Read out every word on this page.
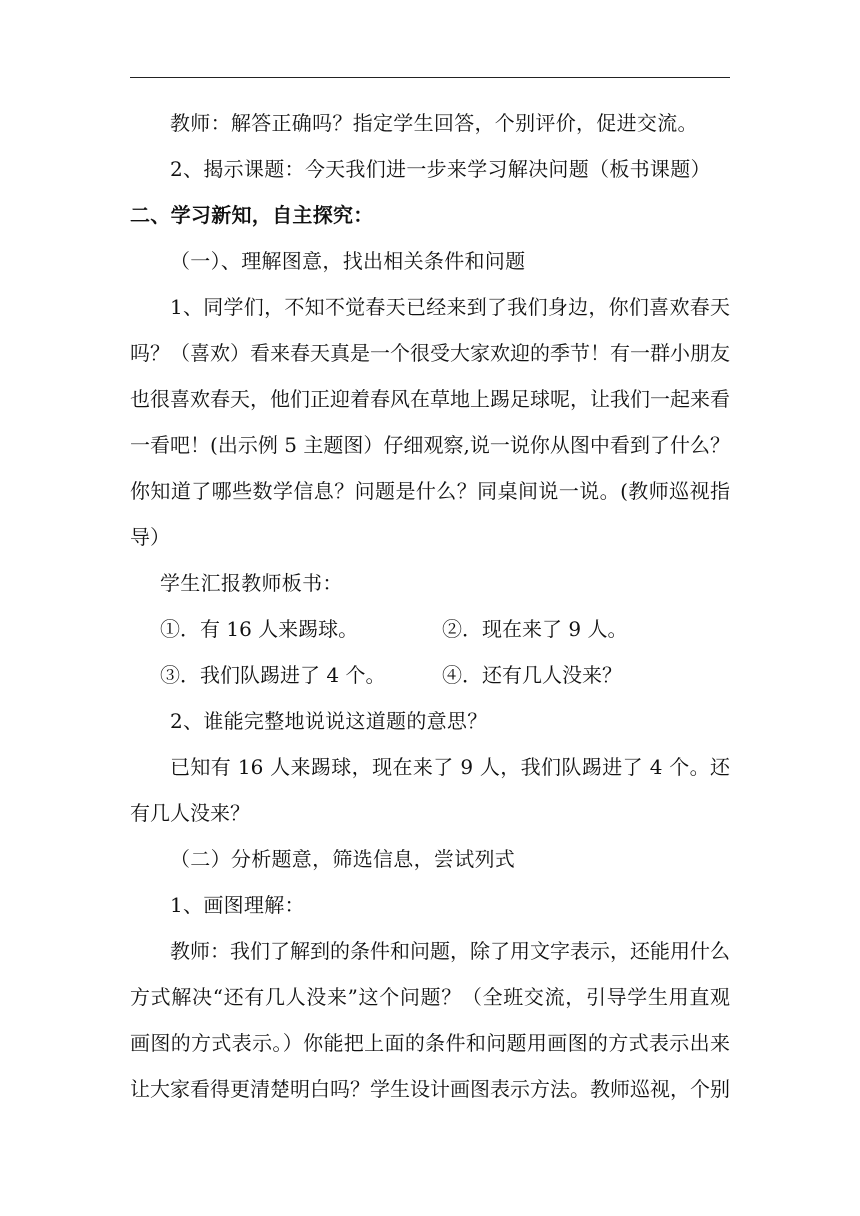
教师：解答正确吗？指定学生回答，个别评价，促进交流。

2、揭示课题：今天我们进一步来学习解决问题（板书课题）

二、学习新知，自主探究：

（一）、理解图意，找出相关条件和问题

1、同学们，不知不觉春天已经来到了我们身边，你们喜欢春天吗？（喜欢）看来春天真是一个很受大家欢迎的季节！有一群小朋友也很喜欢春天，他们正迎着春风在草地上踢足球呢，让我们一起来看一看吧！(出示例 5 主题图）仔细观察,说一说你从图中看到了什么？你知道了哪些数学信息？问题是什么？同桌间说一说。(教师巡视指导）

学生汇报教师板书：

①．有 16 人来踢球。	②．现在来了 9 人。
③．我们队踢进了 4 个。	④．还有几人没来？

2、谁能完整地说说这道题的意思？

已知有 16 人来踢球，现在来了 9 人，我们队踢进了 4 个。还有几人没来？

（二）分析题意，筛选信息，尝试列式

1、画图理解：

教师：我们了解到的条件和问题，除了用文字表示，还能用什么方式解决“还有几人没来”这个问题？（全班交流，引导学生用直观画图的方式表示。）你能把上面的条件和问题用画图的方式表示出来让大家看得更清楚明白吗？学生设计画图表示方法。教师巡视，个别
